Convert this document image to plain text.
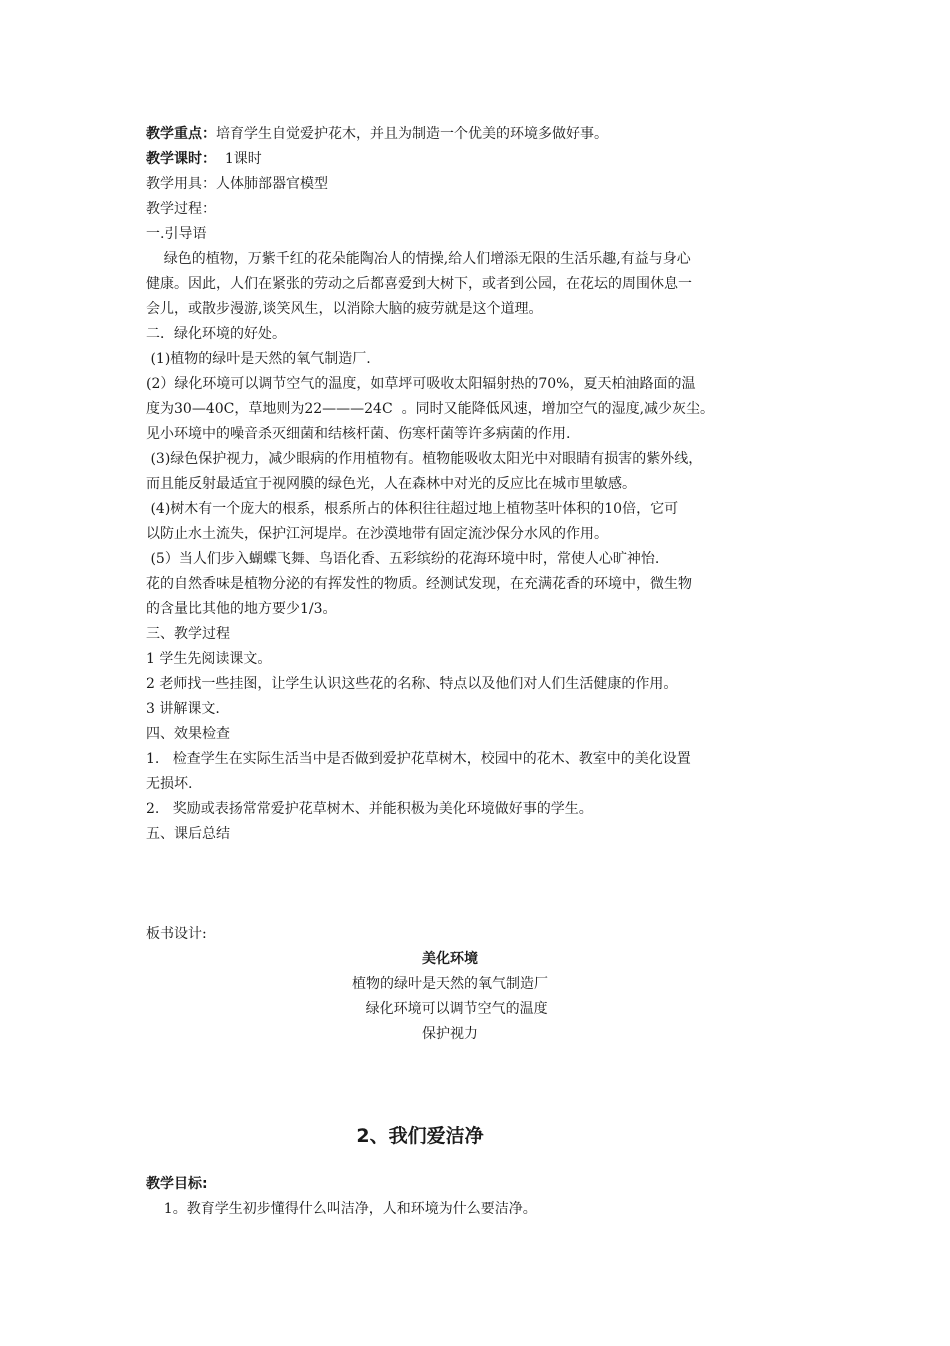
教学重点：培育学生自觉爱护花木，并且为制造一个优美的环境多做好事。
教学课时：  1课时
教学用具：人体肺部器官模型
教学过程：
一.引导语
绿色的植物，万紫千红的花朵能陶冶人的情操,给人们增添无限的生活乐趣,有益与身心
健康。因此，人们在紧张的劳动之后都喜爱到大树下，或者到公园，在花坛的周围休息一
会儿，或散步漫游,谈笑风生，以消除大脑的疲劳就是这个道理。
二．绿化环境的好处。
(1)植物的绿叶是天然的氧气制造厂.
(2）绿化环境可以调节空气的温度，如草坪可吸收太阳辐射热的70%，夏天柏油路面的温
度为30—40C，草地则为22———24C  。同时又能降低风速，增加空气的湿度,减少灰尘。
见小环境中的噪音杀灭细菌和结核杆菌、伤寒杆菌等许多病菌的作用.
(3)绿色保护视力，减少眼病的作用植物有。植物能吸收太阳光中对眼睛有损害的紫外线，
而且能反射最适宜于视网膜的绿色光，人在森林中对光的反应比在城市里敏感。
(4)树木有一个庞大的根系，根系所占的体积往往超过地上植物茎叶体积的10倍，它可
以防止水土流失，保护江河堤岸。在沙漠地带有固定流沙保分水风的作用。
(5）当人们步入蝴蝶飞舞、鸟语化香、五彩缤纷的花海环境中时，常使人心旷神怡.
花的自然香味是植物分泌的有挥发性的物质。经测试发现，在充满花香的环境中，微生物
的含量比其他的地方要少1/3。
三、教学过程
1 学生先阅读课文。
2 老师找一些挂图，让学生认识这些花的名称、特点以及他们对人们生活健康的作用。
3 讲解课文.
四、效果检查
1.   检查学生在实际生活当中是否做到爱护花草树木，校园中的花木、教室中的美化设置
无损坏.
2.   奖励或表扬常常爱护花草树木、并能积极为美化环境做好事的学生。
五、课后总结
板书设计:
美化环境
植物的绿叶是天然的氧气制造厂
绿化环境可以调节空气的温度
保护视力
2、我们爱洁净
教学目标:
1。教育学生初步懂得什么叫洁净，人和环境为什么要洁净。
